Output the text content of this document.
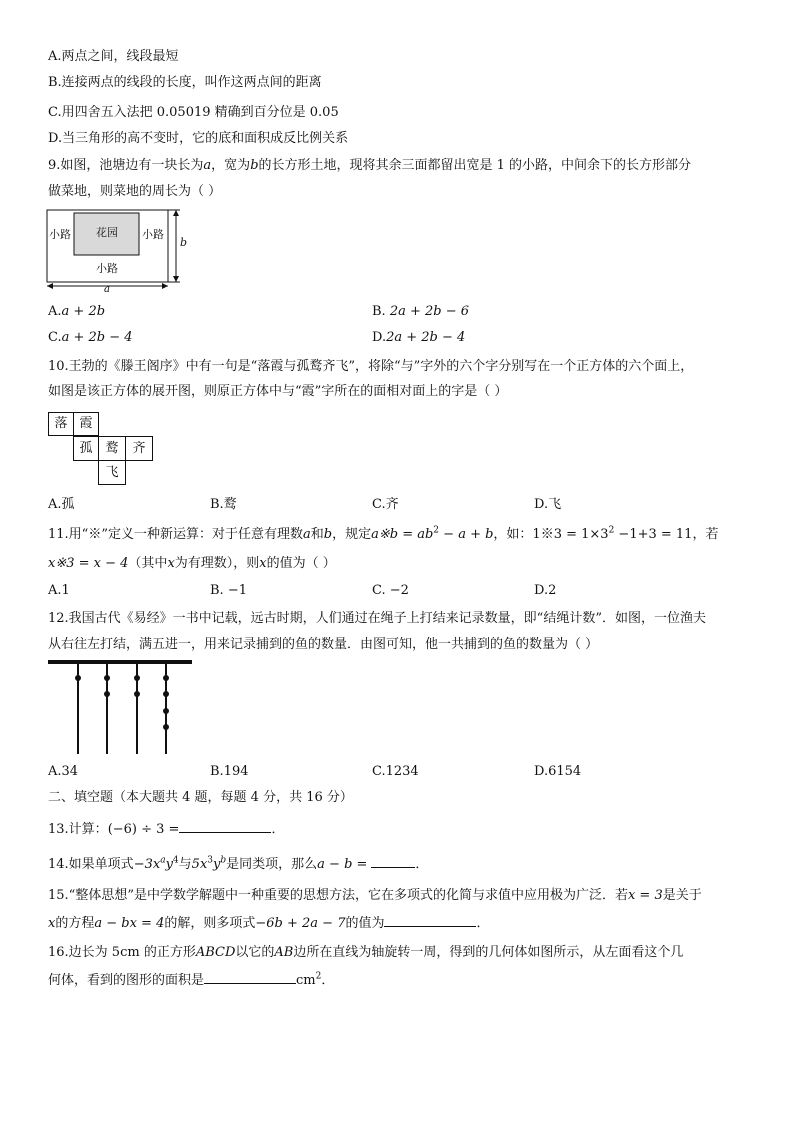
A.两点之间，线段最短
B.连接两点的线段的长度，叫作这两点间的距离
C.用四舍五入法把 0.05019 精确到百分位是 0.05
D.当三角形的高不变时，它的底和面积成反比例关系
9.如图，池塘边有一块长为a，宽为b的长方形土地，现将其余三面都留出宽是 1 的小路，中间余下的长方形部分
做菜地，则菜地的周长为（ ）
花园
小路	小路
小路
b
a
A.a + 2b	B. 2a + 2b − 6
C.a + 2b − 4	D.2a + 2b − 4
10.王勃的《滕王阁序》中有一句是“落霞与孤鹜齐飞”，将除“与”字外的六个字分别写在一个正方体的六个面上，
如图是该正方体的展开图，则原正方体中与“霞”字所在的面相对面上的字是（ ）
落 霞
孤 鹜	齐
飞
A.孤	B.鹜	C.齐	D.飞
11.用“※”定义一种新运算：对于任意有理数a和b，规定a※b = $ab^2 - a + b$，如：1※3 = $1\times 3^2 -1+3 = 11$，若
x※3 = x − 4（其中x为有理数），则x的值为（ ）
A.1	B. −1	C. −2	D.2
12.我国古代《易经》一书中记载，远古时期，人们通过在绳子上打结来记录数量，即“结绳计数”．如图，一位渔夫
从右往左打结，满五进一，用来记录捕到的鱼的数量．由图可知，他一共捕到的鱼的数量为（ ）
A.34	B.194	C.1234	D.6154
二、填空题（本大题共 4 题，每题 4 分，共 16 分）
13.计算：(−6) ÷ 3 =	．
14.如果单项式$-3x^ay^4$与$5x^3y^b$是同类项，那么a − b =	．
15.“整体思想”是中学数学解题中一种重要的思想方法，它在多项式的化简与求值中应用极为广泛．若x = 3是关于
x的方程a − bx = 4的解，则多项式−6b + 2a − 7的值为	．
16.边长为 5cm 的正方形ABCD以它的AB边所在直线为轴旋转一周，得到的几何体如图所示，从左面看这个几
何体，看到的图形的面积是	$cm^2$．
